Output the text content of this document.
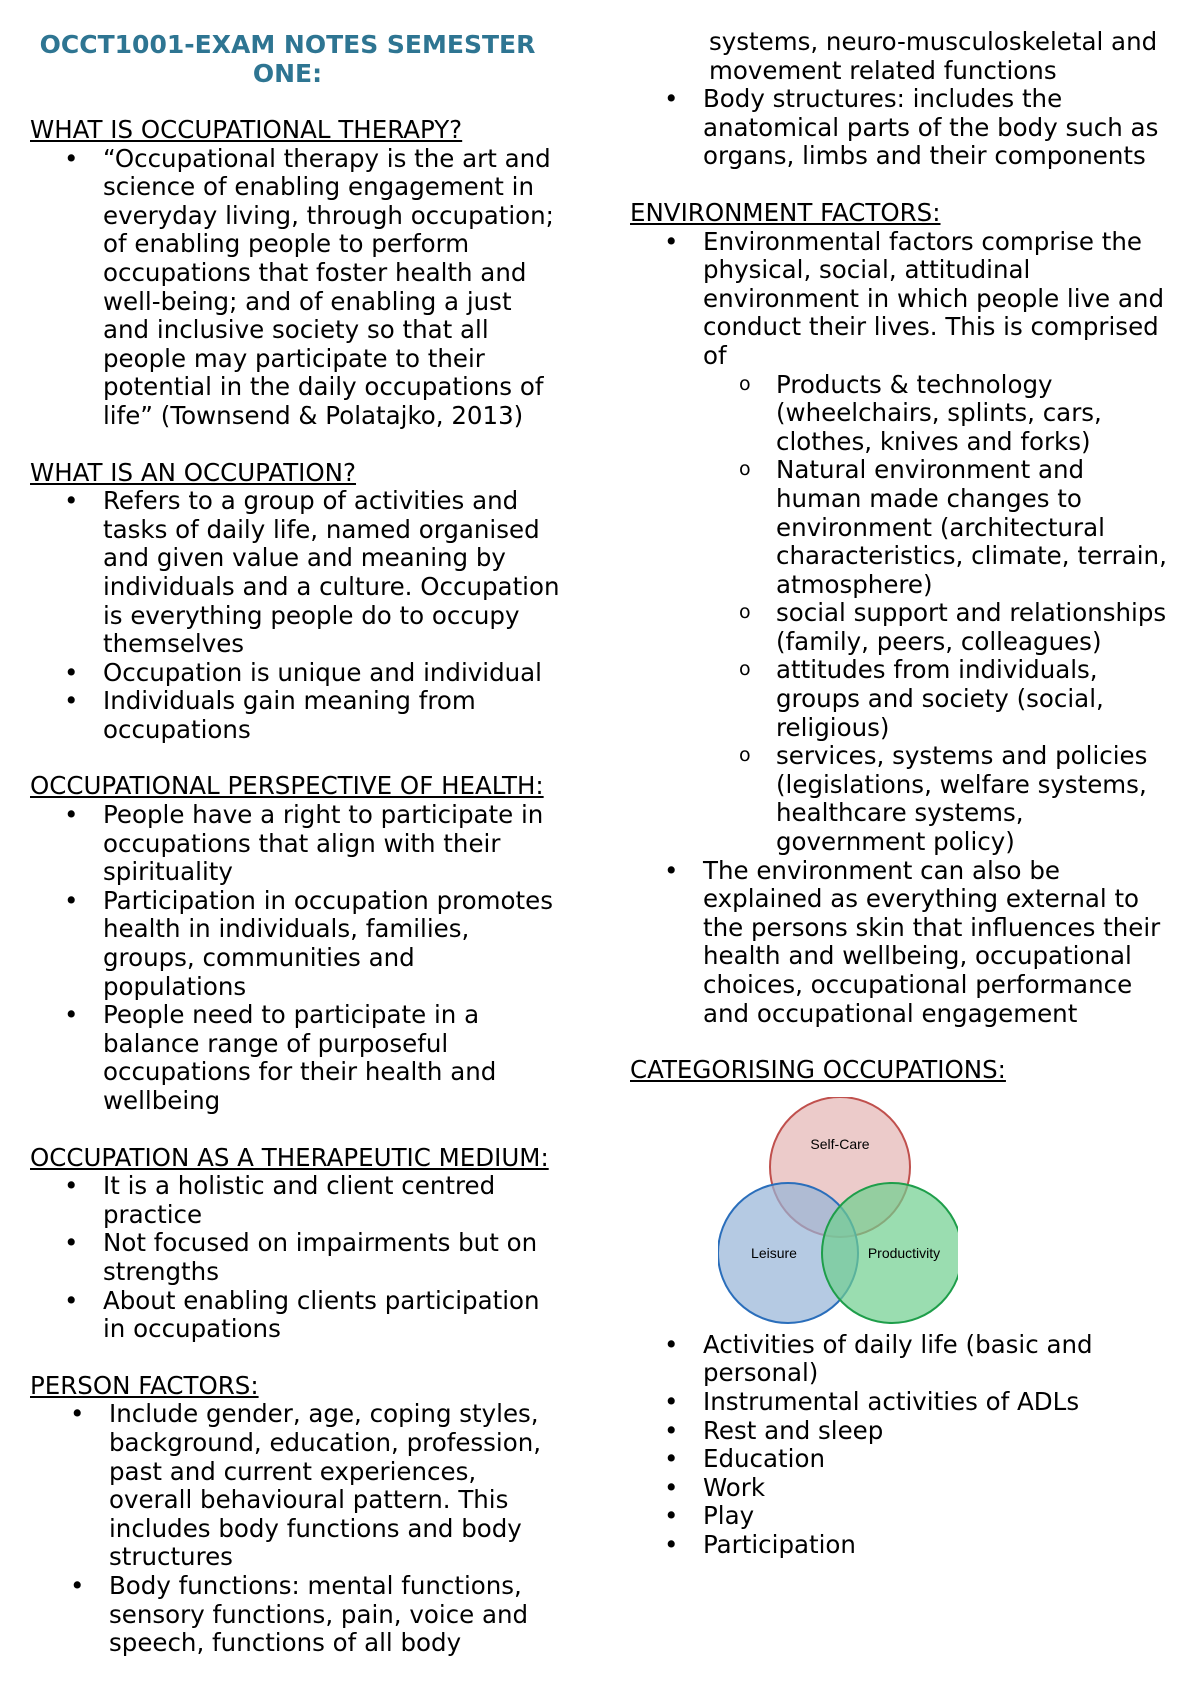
OCCT1001-EXAM NOTES SEMESTER ONE:
WHAT IS OCCUPATIONAL THERAPY?
• “Occupational therapy is the art and science of enabling engagement in everyday living, through occupation; of enabling people to perform occupations that foster health and well-being; and of enabling a just and inclusive society so that all people may participate to their potential in the daily occupations of life” (Townsend & Polatajko, 2013)
WHAT IS AN OCCUPATION?
• Refers to a group of activities and tasks of daily life, named organised and given value and meaning by individuals and a culture. Occupation is everything people do to occupy themselves
• Occupation is unique and individual
• Individuals gain meaning from occupations
OCCUPATIONAL PERSPECTIVE OF HEALTH:
• People have a right to participate in occupations that align with their spirituality
• Participation in occupation promotes health in individuals, families, groups, communities and populations
• People need to participate in a balance range of purposeful occupations for their health and wellbeing
OCCUPATION AS A THERAPEUTIC MEDIUM:
• It is a holistic and client centred practice
• Not focused on impairments but on strengths
• About enabling clients participation in occupations
PERSON FACTORS:
• Include gender, age, coping styles, background, education, profession, past and current experiences, overall behavioural pattern. This includes body functions and body structures
• Body functions: mental functions, sensory functions, pain, voice and speech, functions of all body
systems, neuro-musculoskeletal and movement related functions
• Body structures: includes the anatomical parts of the body such as organs, limbs and their components
ENVIRONMENT FACTORS:
• Environmental factors comprise the physical, social, attitudinal environment in which people live and conduct their lives. This is comprised of
o Products & technology (wheelchairs, splints, cars, clothes, knives and forks)
o Natural environment and human made changes to environment (architectural characteristics, climate, terrain, atmosphere)
o social support and relationships (family, peers, colleagues)
o attitudes from individuals, groups and society (social, religious)
o services, systems and policies (legislations, welfare systems, healthcare systems, government policy)
• The environment can also be explained as everything external to the persons skin that influences their health and wellbeing, occupational choices, occupational performance and occupational engagement
CATEGORISING OCCUPATIONS:
Self-Care
Leisure	Productivity
• Activities of daily life (basic and personal)
• Instrumental activities of ADLs
• Rest and sleep
• Education
• Work
• Play
• Participation
